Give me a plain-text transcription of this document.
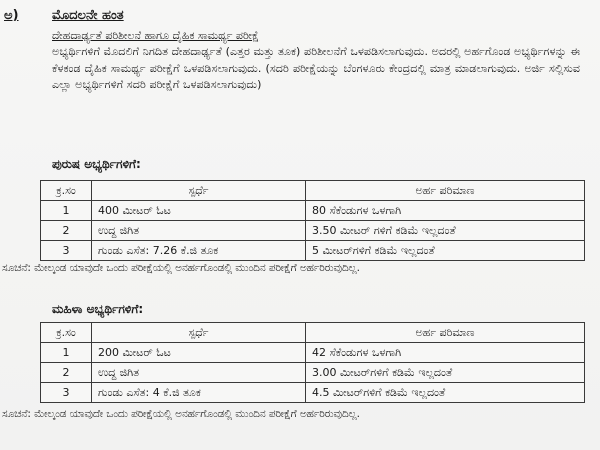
ಅ)	ಮೊದಲನೇ ಹಂತ
ದೇಹದಾರ್ಢ್ಯತೆ ಪರಿಶೀಲನೆ ಹಾಗೂ ದೈಹಿಕ ಸಾಮರ್ಥ್ಯ ಪರೀಕ್ಷೆ
ಅಭ್ಯರ್ಥಿಗಳಿಗೆ ಮೊದಲಿಗೆ ನಿಗದಿತ ದೇಹದಾರ್ಢ್ಯತೆ (ಎತ್ತರ ಮತ್ತು ತೂಕ) ಪರಿಶೀಲನೆಗೆ ಒಳಪಡಿಸಲಾಗುವುದು. ಅದರಲ್ಲಿ ಅರ್ಹಗೊಂಡ ಅಭ್ಯರ್ಥಿಗಳನ್ನು ಈ ಕೆಳಕಂಡ ದೈಹಿಕ ಸಾಮರ್ಥ್ಯ ಪರೀಕ್ಷೆಗೆ ಒಳಪಡಿಸಲಾಗುವುದು. (ಸದರಿ ಪರೀಕ್ಷೆಯನ್ನು ಬೆಂಗಳೂರು ಕೇಂದ್ರದಲ್ಲಿ ಮಾತ್ರ ಮಾಡಲಾಗುವುದು. ಅರ್ಜಿ ಸಲ್ಲಿಸುವ ಎಲ್ಲಾ ಅಭ್ಯರ್ಥಿಗಳಿಗೆ ಸದರಿ ಪರೀಕ್ಷೆಗೆ ಒಳಪಡಿಸಲಾಗುವುದು)
ಪುರುಷ ಅಭ್ಯರ್ಥಿಗಳಿಗೆ:
ಕ್ರ.ಸಂ	ಸ್ಪರ್ಧೆ	ಅರ್ಹ ಪರಿಮಾಣ
1	400 ಮೀಟರ್ ಓಟ	80 ಸೆಕೆಂಡುಗಳ ಒಳಗಾಗಿ
2	ಉದ್ದ ಜಿಗಿತ	3.50 ಮೀಟರ್ ಗಳಿಗೆ ಕಡಿಮೆ ಇಲ್ಲದಂತೆ
3	ಗುಂಡು ಎಸೆತ: 7.26 ಕೆ.ಜಿ ತೂಕ	5 ಮೀಟರ್‌ಗಳಿಗೆ ಕಡಿಮೆ ಇಲ್ಲದಂತೆ
ಸೂಚನೆ: ಮೇಲ್ಕಂಡ ಯಾವುದೇ ಒಂದು ಪರೀಕ್ಷೆಯಲ್ಲಿ ಅನರ್ಹಗೊಂಡಲ್ಲಿ ಮುಂದಿನ ಪರೀಕ್ಷೆಗೆ ಅರ್ಹರಿರುವುದಿಲ್ಲ.
ಮಹಿಳಾ ಅಭ್ಯರ್ಥಿಗಳಿಗೆ:
ಕ್ರ.ಸಂ	ಸ್ಪರ್ಧೆ	ಅರ್ಹ ಪರಿಮಾಣ
1	200 ಮೀಟರ್ ಓಟ	42 ಸೆಕೆಂಡುಗಳ ಒಳಗಾಗಿ
2	ಉದ್ದ ಜಿಗಿತ	3.00 ಮೀಟರ್‌ಗಳಿಗೆ ಕಡಿಮೆ ಇಲ್ಲದಂತೆ
3	ಗುಂಡು ಎಸೆತ: 4 ಕೆ.ಜಿ ತೂಕ	4.5 ಮೀಟರ್‌ಗಳಿಗೆ ಕಡಿಮೆ ಇಲ್ಲದಂತೆ
ಸೂಚನೆ: ಮೇಲ್ಕಂಡ ಯಾವುದೇ ಒಂದು ಪರೀಕ್ಷೆಯಲ್ಲಿ ಅನರ್ಹಗೊಂಡಲ್ಲಿ ಮುಂದಿನ ಪರೀಕ್ಷೆಗೆ ಅರ್ಹರಿರುವುದಿಲ್ಲ.
